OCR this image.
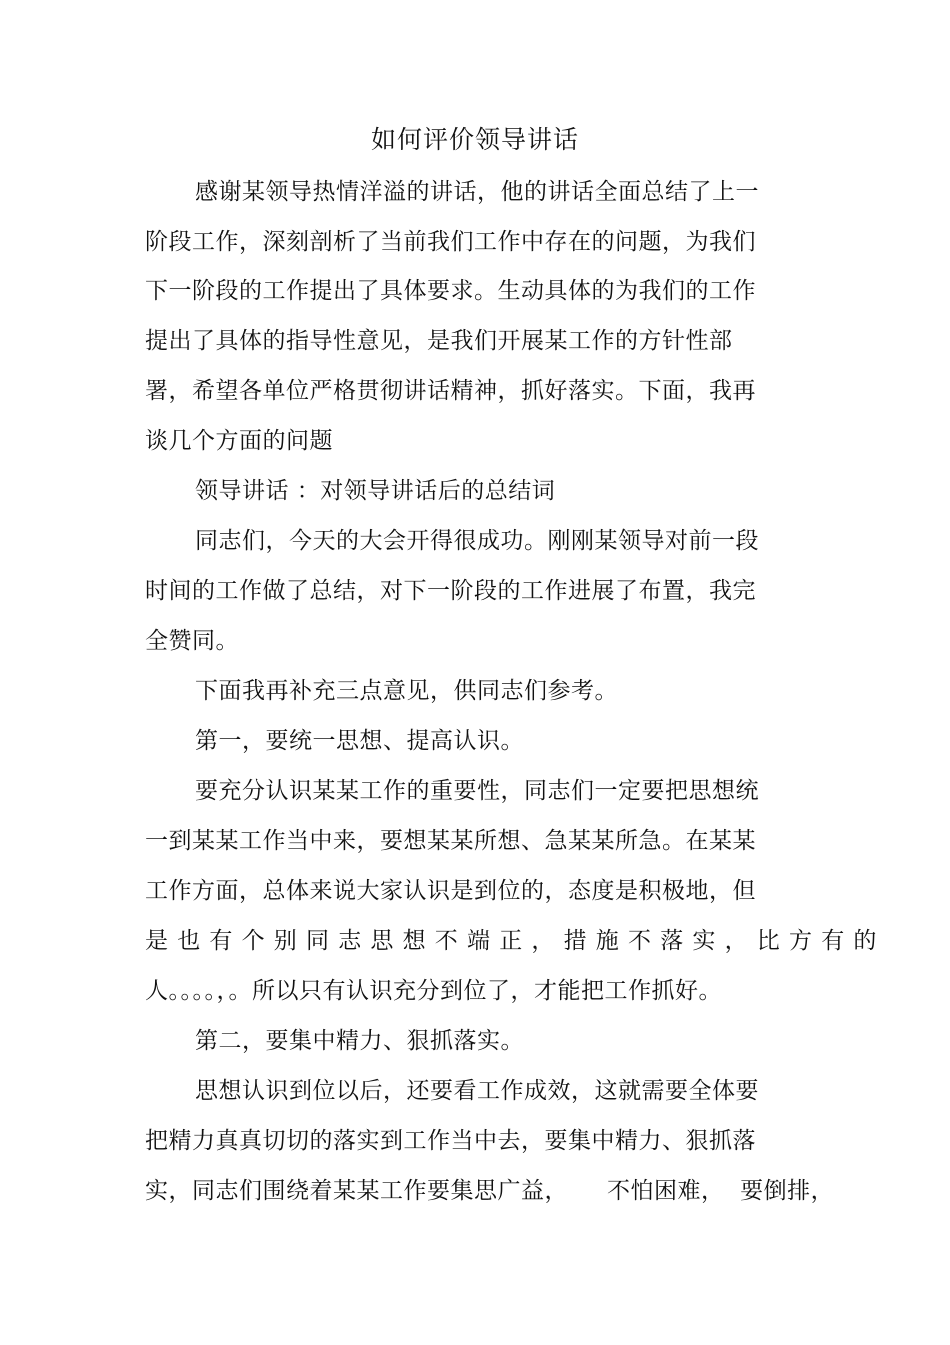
如何评价领导讲话
感谢某领导热情洋溢的讲话，他的讲话全面总结了上一
阶段工作，深刻剖析了当前我们工作中存在的问题，为我们
下一阶段的工作提出了具体要求。生动具体的为我们的工作
提出了具体的指导性意见，是我们开展某工作的方针性部
署，希望各单位严格贯彻讲话精神，抓好落实。下面，我再
谈几个方面的问题
领导讲话 ：对领导讲话后的总结词
同志们，今天的大会开得很成功。刚刚某领导对前一段
时间的工作做了总结，对下一阶段的工作进展了布置，我完
全赞同。
下面我再补充三点意见，供同志们参考。
第一，要统一思想、提高认识。
要充分认识某某工作的重要性，同志们一定要把思想统
一到某某工作当中来，要想某某所想、急某某所急。在某某
工作方面，总体来说大家认识是到位的，态度是积极地，但
是也有个别同志思想不端正，措施不落实，比方有的
人。。。。，。所以只有认识充分到位了，才能把工作抓好。
第二，要集中精力、狠抓落实。
思想认识到位以后，还要看工作成效，这就需要全体要
把精力真真切切的落实到工作当中去，要集中精力、狠抓落
实，同志们围绕着某某工作要集思广益，     不怕困难，  要倒排，
